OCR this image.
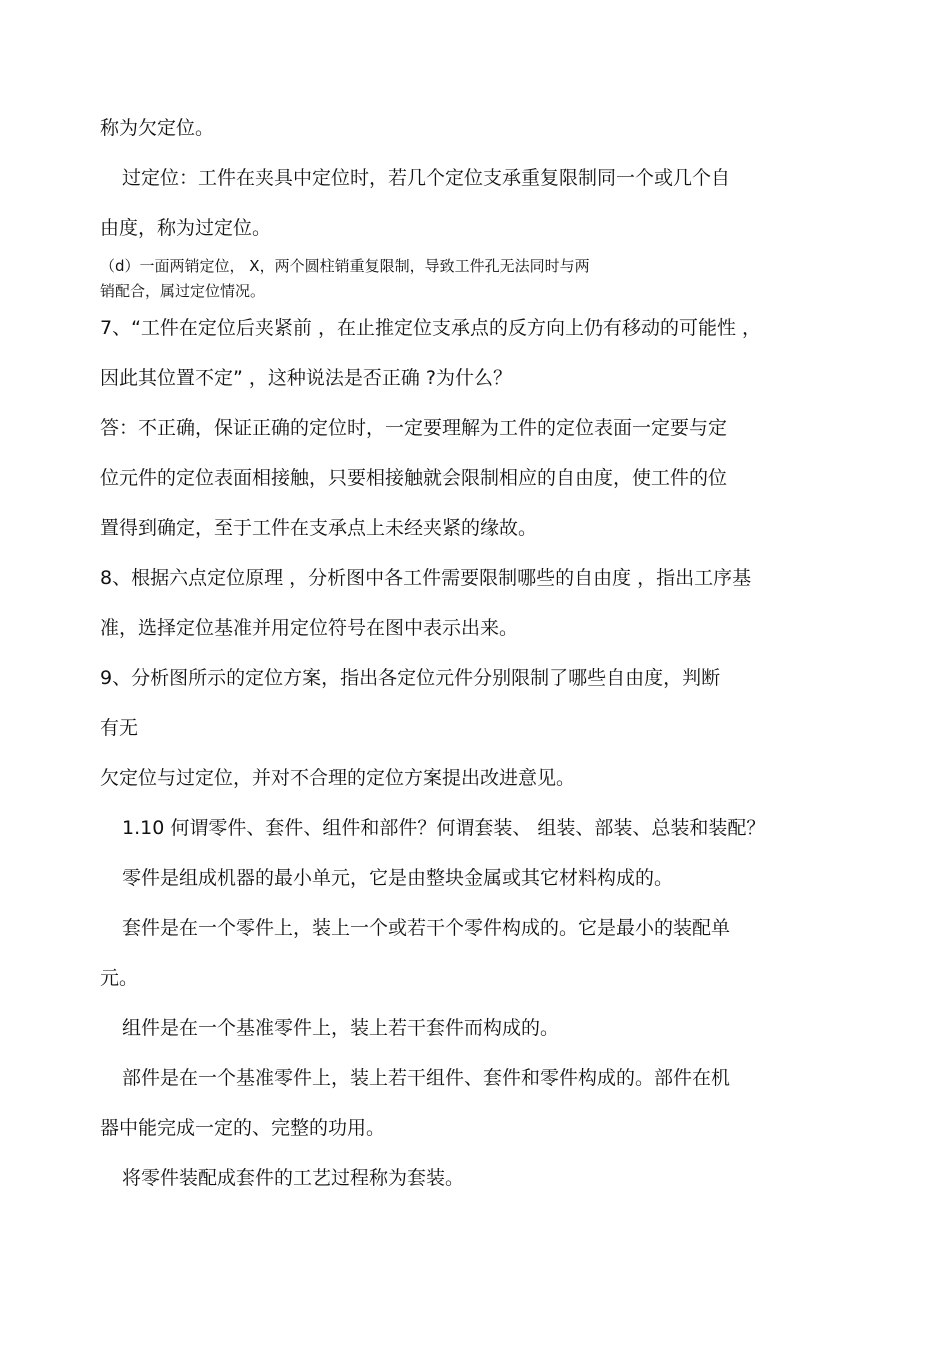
称为欠定位。
过定位：工件在夹具中定位时，若几个定位支承重复限制同一个或几个自
由度，称为过定位。
（d）一面两销定位， X，两个圆柱销重复限制，导致工件孔无法同时与两
销配合，属过定位情况。
7、“工件在定位后夹紧前 ，在止推定位支承点的反方向上仍有移动的可能性 ，
因此其位置不定” ，这种说法是否正确 ?为什么？
答：不正确，保证正确的定位时，一定要理解为工件的定位表面一定要与定
位元件的定位表面相接触，只要相接触就会限制相应的自由度，使工件的位
置得到确定，至于工件在支承点上未经夹紧的缘故。
8、根据六点定位原理 ，分析图中各工件需要限制哪些的自由度 ，指出工序基
准，选择定位基准并用定位符号在图中表示出来。
9、分析图所示的定位方案，指出各定位元件分别限制了哪些自由度，判断
有无
欠定位与过定位，并对不合理的定位方案提出改进意见。
1.10 何谓零件、套件、组件和部件？何谓套装、 组装、部装、总装和装配？
零件是组成机器的最小单元，它是由整块金属或其它材料构成的。
套件是在一个零件上，装上一个或若干个零件构成的。它是最小的装配单
元。
组件是在一个基准零件上，装上若干套件而构成的。
部件是在一个基准零件上，装上若干组件、套件和零件构成的。部件在机
器中能完成一定的、完整的功用。
将零件装配成套件的工艺过程称为套装。
